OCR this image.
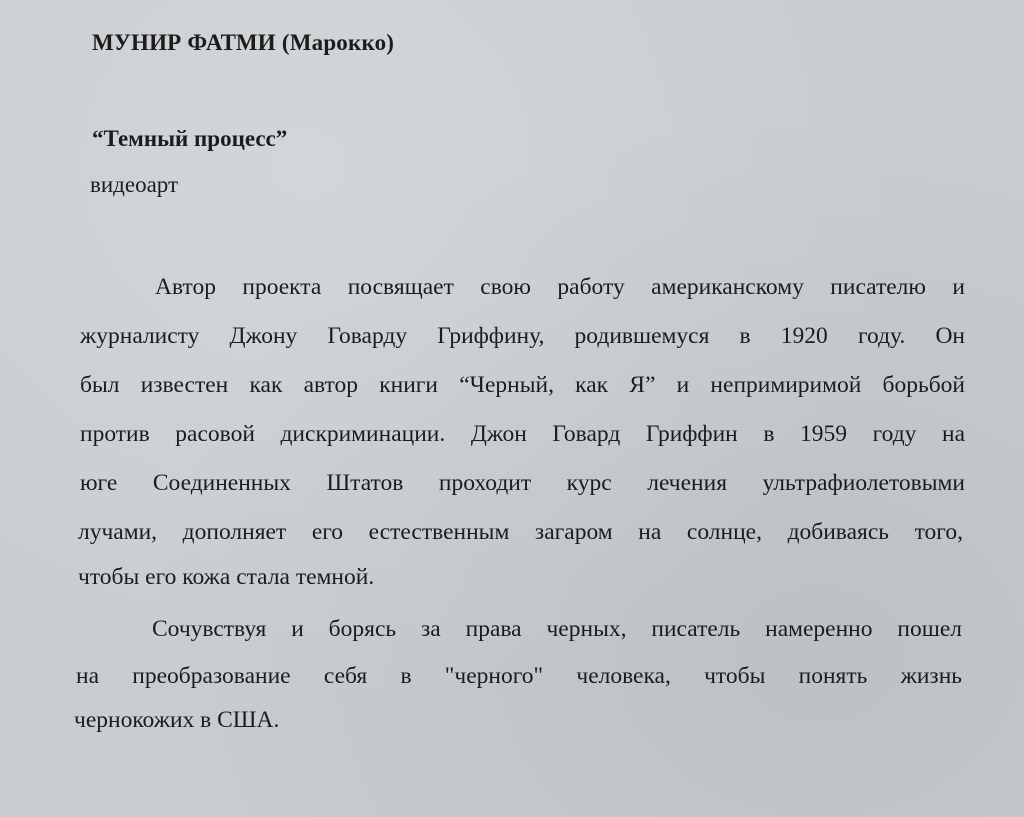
МУНИР ФАТМИ (Марокко)
“Темный процесс”
видеоарт
Автор проекта посвящает свою работу американскому писателю и
журналисту Джону Говарду Гриффину, родившемуся в 1920 году. Он
был известен как автор книги “Черный, как Я” и непримиримой борьбой
против расовой дискриминации. Джон Говард Гриффин в 1959 году на
юге Соединенных Штатов проходит курс лечения ультрафиолетовыми
лучами, дополняет его естественным загаром на солнце, добиваясь того,
чтобы его кожа стала темной.
Сочувствуя и борясь за права черных, писатель намеренно пошел
на преобразование себя в "черного" человека, чтобы понять жизнь
чернокожих в США.
